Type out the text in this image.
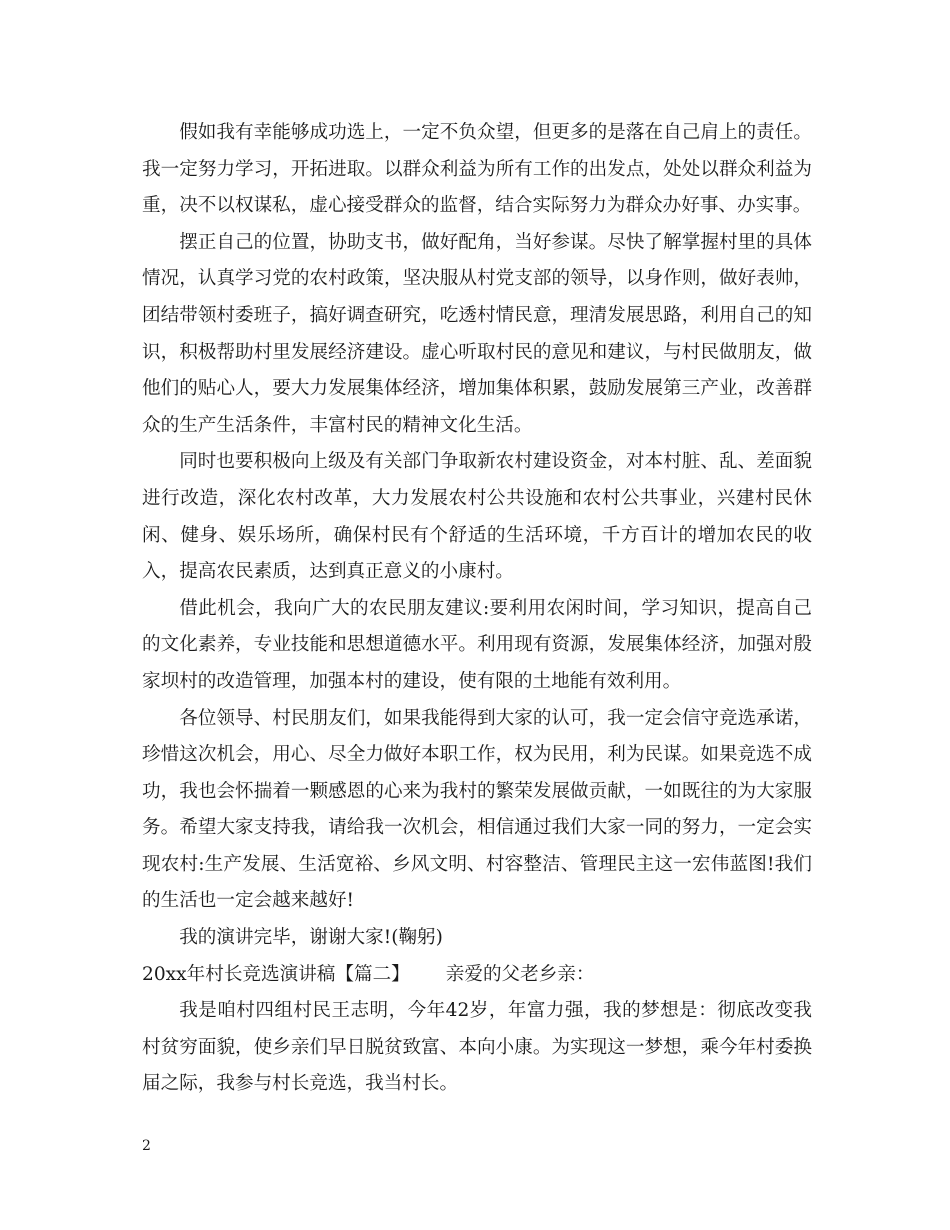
假如我有幸能够成功选上，一定不负众望，但更多的是落在自己肩上的责任。我一定努力学习，开拓进取。以群众利益为所有工作的出发点，处处以群众利益为重，决不以权谋私，虚心接受群众的监督，结合实际努力为群众办好事、办实事。

摆正自己的位置，协助支书，做好配角，当好参谋。尽快了解掌握村里的具体情况，认真学习党的农村政策，坚决服从村党支部的领导，以身作则，做好表帅，团结带领村委班子，搞好调查研究，吃透村情民意，理清发展思路，利用自己的知识，积极帮助村里发展经济建设。虚心听取村民的意见和建议，与村民做朋友，做他们的贴心人，要大力发展集体经济，增加集体积累，鼓励发展第三产业，改善群众的生产生活条件，丰富村民的精神文化生活。

同时也要积极向上级及有关部门争取新农村建设资金，对本村脏、乱、差面貌进行改造，深化农村改革，大力发展农村公共设施和农村公共事业，兴建村民休闲、健身、娱乐场所，确保村民有个舒适的生活环境，千方百计的增加农民的收入，提高农民素质，达到真正意义的小康村。

借此机会，我向广大的农民朋友建议:要利用农闲时间，学习知识，提高自己的文化素养，专业技能和思想道德水平。利用现有资源，发展集体经济，加强对殷家坝村的改造管理，加强本村的建设，使有限的土地能有效利用。

各位领导、村民朋友们，如果我能得到大家的认可，我一定会信守竞选承诺，珍惜这次机会，用心、尽全力做好本职工作，权为民用，利为民谋。如果竞选不成功，我也会怀揣着一颗感恩的心来为我村的繁荣发展做贡献，一如既往的为大家服务。希望大家支持我，请给我一次机会，相信通过我们大家一同的努力，一定会实现农村:生产发展、生活宽裕、乡风文明、村容整洁、管理民主这一宏伟蓝图!我们的生活也一定会越来越好!

我的演讲完毕，谢谢大家!(鞠躬)

20xx年村长竞选演讲稿【篇二】 亲爱的父老乡亲：

我是咱村四组村民王志明，今年42岁，年富力强，我的梦想是：彻底改变我村贫穷面貌，使乡亲们早日脱贫致富、本向小康。为实现这一梦想，乘今年村委换届之际，我参与村长竞选，我当村长。

2
